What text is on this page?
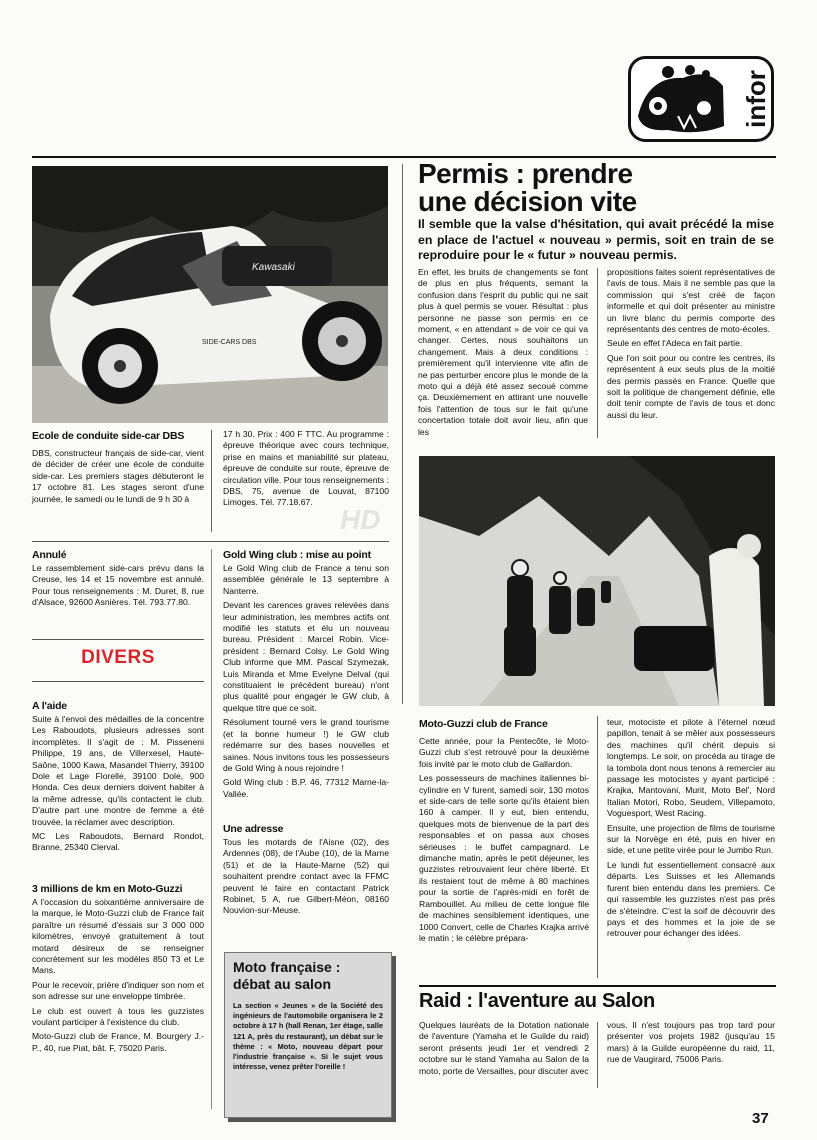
infor
Kawasaki
SIDE-CARS DBS
Permis : prendre
une décision vite
Il semble que la valse d'hésitation, qui avait précédé la mise en place de l'actuel « nouveau » permis, soit en train de se reproduire pour le « futur » nouveau permis.

En effet, les bruits de changements se font de plus en plus fréquents, semant la confusion dans l'esprit du public qui ne sait plus à quel permis se vouer. Résultat : plus personne ne passe son permis en ce moment, « en attendant » de voir ce qui va changer. Certes, nous souhaitons un changement. Mais à deux conditions : premièrement qu'il intervienne vite afin de ne pas perturber encore plus le monde de la moto qui a déjà été assez secoué comme ça. Deuxièmement en attirant une nouvelle fois l'attention de tous sur le fait qu'une concertation totale doit avoir lieu, afin que les

propositions faites soient représentatives de l'avis de tous. Mais il ne semble pas que la commission qui s'est créé de façon informelle et qui doit présenter au ministre un livre blanc du permis comporte des représentants des centres de moto-écoles.

Seule en effet l'Adeca en fait partie.

Que l'on soit pour ou contre les centres, ils représentent à eux seuls plus de la moitié des permis passés en France. Quelle que soit la politique de changement définie, elle doit tenir compte de l'avis de tous et donc aussi du leur.

Ecole de conduite side-car DBS

DBS, constructeur français de side-car, vient de décider de créer une école de conduite side-car. Les premiers stages débuteront le 17 octobre 81. Les stages seront d'une journée, le samedi ou le lundi de 9 h 30 à

17 h 30. Prix : 400 F TTC. Au programme : épreuve théorique avec cours technique, prise en mains et maniabilité sur plateau, épreuve de conduite sur route, épreuve de circulation ville. Pour tous renseignements : DBS, 75, avenue de Louvat, 87100 Limoges. Tél. 77.18.67.

HD
Annulé

Le rassemblement side-cars prévu dans la Creuse, les 14 et 15 novembre est annulé. Pour tous renseignements : M. Duret, 8, rue d'Alsace, 92600 Asnières. Tél. 793.77.80.

DIVERS
A l'aide

Suite à l'envoi des médailles de la concentre Les Raboudots, plusieurs adresses sont incomplètes. Il s'agit de : M. Pisseneni Philippe, 19 ans, de Villerxesel, Haute-Saône, 1000 Kawa, Masandel Thierry, 39100 Dole et Lage Florelle, 39100 Dole, 900 Honda. Ces deux derniers doivent habiter à la même adresse, qu'ils contactent le club. D'autre part une montre de femme a été trouvée, la réclamer avec description.

MC Les Raboudots, Bernard Rondot, Branne, 25340 Clerval.

3 millions de km en Moto-Guzzi

A l'occasion du soixantième anniversaire de la marque, le Moto-Guzzi club de France fait paraître un résumé d'essais sur 3 000 000 kilomètres, envoyé gratuitement à tout motard désireux de se renseigner concrètement sur les modèles 850 T3 et Le Mans.

Pour le recevoir, prière d'indiquer son nom et son adresse sur une enveloppe timbrée.

Le club est ouvert à tous les guzzistes voulant participer à l'existence du club.

Moto-Guzzi club de France, M. Bourgery J.-P., 40, rue Piat, bât. F, 75020 Paris.

Gold Wing club : mise au point

Le Gold Wing club de France a tenu son assemblée générale le 13 septembre à Nanterre.

Devant les carences graves relevées dans leur administration, les membres actifs ont modifié les statuts et élu un nouveau bureau. Président : Marcel Robin. Vice-président : Bernard Colsy. Le Gold Wing Club informe que MM. Pascal Szymezak, Luis Miranda et Mme Evelyne Delval (qui constituaient le précédent bureau) n'ont plus qualité pour engager le GW club, à quelque titre que ce soit.

Résolument tourné vers le grand tourisme (et la bonne humeur !) le GW club redémarre sur des bases nouvelles et saines. Nous invitons tous les possesseurs de Gold Wing à nous rejoindre !

Gold Wing club : B.P. 46, 77312 Marne-la-Vallée.

Une adresse

Tous les motards de l'Aisne (02), des Ardennes (08), de l'Aube (10), de la Marne (51) et de la Haute-Marne (52) qui souhaitent prendre contact avec la FFMC peuvent le faire en contactant Patrick Robinet, 5 A, rue Gilbert-Méon, 08160 Nouvion-sur-Meuse.

Moto française :
débat au salon
La section « Jeunes » de la Société des ingénieurs de l'automobile organisera le 2 octobre à 17 h (hall Renan, 1er étage, salle 121 A, près du restaurant), un débat sur le thème : « Moto, nouveau départ pour l'industrie française ». Si le sujet vous intéresse, venez prêter l'oreille !
Moto-Guzzi club de France

Cette année, pour la Pentecôte, le Moto-Guzzi club s'est retrouvé pour la deuxième fois invité par le moto club de Gallardon.

Les possesseurs de machines italiennes bi-cylindre en V furent, samedi soir, 130 motos et side-cars de telle sorte qu'ils étaient bien 160 à camper. Il y eut, bien entendu, quelques mots de bienvenue de la part des responsables et on passa aux choses sérieuses : le buffet campagnard. Le dimanche matin, après le petit déjeuner, les guzzistes retrouvaient leur chère liberté. Et ils restaient tout de même à 80 machines pour la sortie de l'après-midi en forêt de Rambouillet. Au milieu de cette longue file de machines sensiblement identiques, une 1000 Convert, celle de Charles Krajka arrivé le matin ; le célèbre prépara-

teur, motociste et pilote à l'éternel nœud papillon, tenait à se mêler aux possesseurs des machines qu'il chérit depuis si longtemps. Le soir, on procéda au tirage de la tombola dont nous tenons à remercier au passage les motocistes y ayant participé : Krajka, Mantovani, Murit, Moto Bel', Nord Italian Motori, Robo, Seudem, Villepamoto, Voguesport, West Racing.

Ensuite, une projection de films de tourisme sur la Norvège en été, puis en hiver en side, et une petite virée pour le Jumbo Run.

Le lundi fut essentiellement consacré aux départs. Les Suisses et les Allemands furent bien entendu dans les premiers. Ce qui rassemble les guzzistes n'est pas près de s'éteindre. C'est la soif de découvrir des pays et des hommes et la joie de se retrouver pour échanger des idées.

Raid : l'aventure au Salon

Quelques lauréats de la Dotation nationale de l'aventure (Yamaha et le Guilde du raid) seront présents jeudi 1er et vendredi 2 octobre sur le stand Yamaha au Salon de la moto, porte de Versailles, pour discuter avec

vous. Il n'est toujours pas trop tard pour présenter vos projets 1982 (jusqu'au 15 mars) à la Guilde européenne du raid, 11, rue de Vaugirard, 75006 Paris.

37
